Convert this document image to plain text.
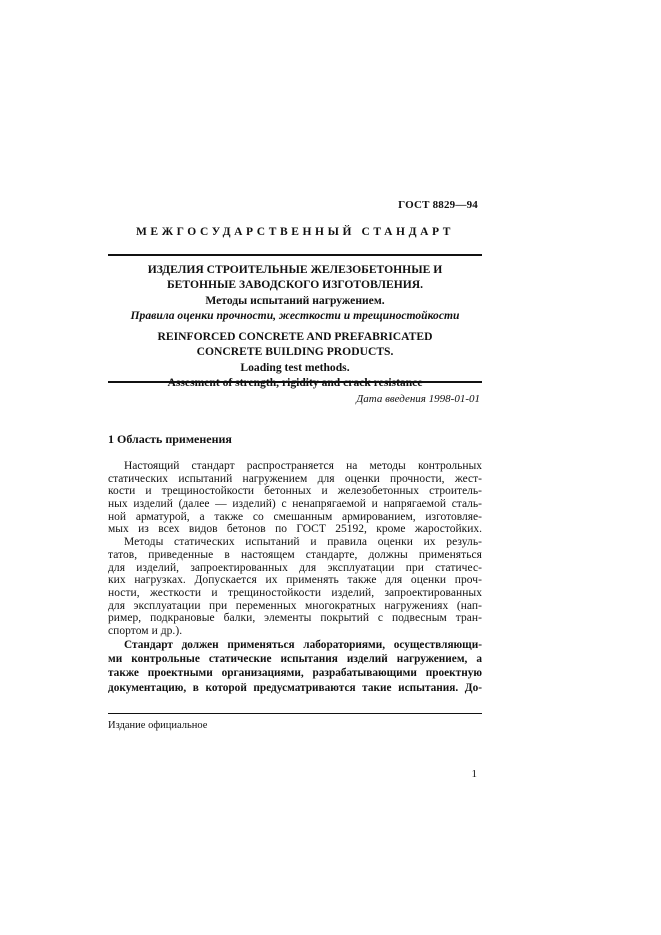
ГОСТ 8829—94
МЕЖГОСУДАРСТВЕННЫЙ СТАНДАРТ
ИЗДЕЛИЯ СТРОИТЕЛЬНЫЕ ЖЕЛЕЗОБЕТОННЫЕ И
БЕТОННЫЕ ЗАВОДСКОГО ИЗГОТОВЛЕНИЯ.
Методы испытаний нагружением.
Правила оценки прочности, жесткости и трещиностойкости
REINFORCED CONCRETE AND PREFABRICATED
CONCRETE BUILDING PRODUCTS.
Loading test methods.
Дата введения 1998-01-01
1 Область применения
Настоящий стандарт распространяется на методы контрольных
статических испытаний нагружением для оценки прочности, жест-
кости и трещиностойкости бетонных и железобетонных строитель-
ных изделий (далее — изделий) с ненапрягаемой и напрягаемой сталь-
ной арматурой, а также со смешанным армированием, изготовляе-
мых из всех видов бетонов по ГОСТ 25192, кроме жаростойких.
Методы статических испытаний и правила оценки их резуль-
татов, приведенные в настоящем стандарте, должны применяться
для изделий, запроектированных для эксплуатации при статичес-
ких нагрузках. Допускается их применять также для оценки проч-
ности, жесткости и трещиностойкости изделий, запроектированных
для эксплуатации при переменных многократных нагружениях (нап-
ример, подкрановые балки, элементы покрытий с подвесным тран-
спортом и др.).
Стандарт должен применяться лабораториями, осуществляющи-
ми контрольные статические испытания изделий нагружением, а
также проектными организациями, разрабатывающими проектную
документацию, в которой предусматриваются такие испытания. До-
Издание официальное
1
